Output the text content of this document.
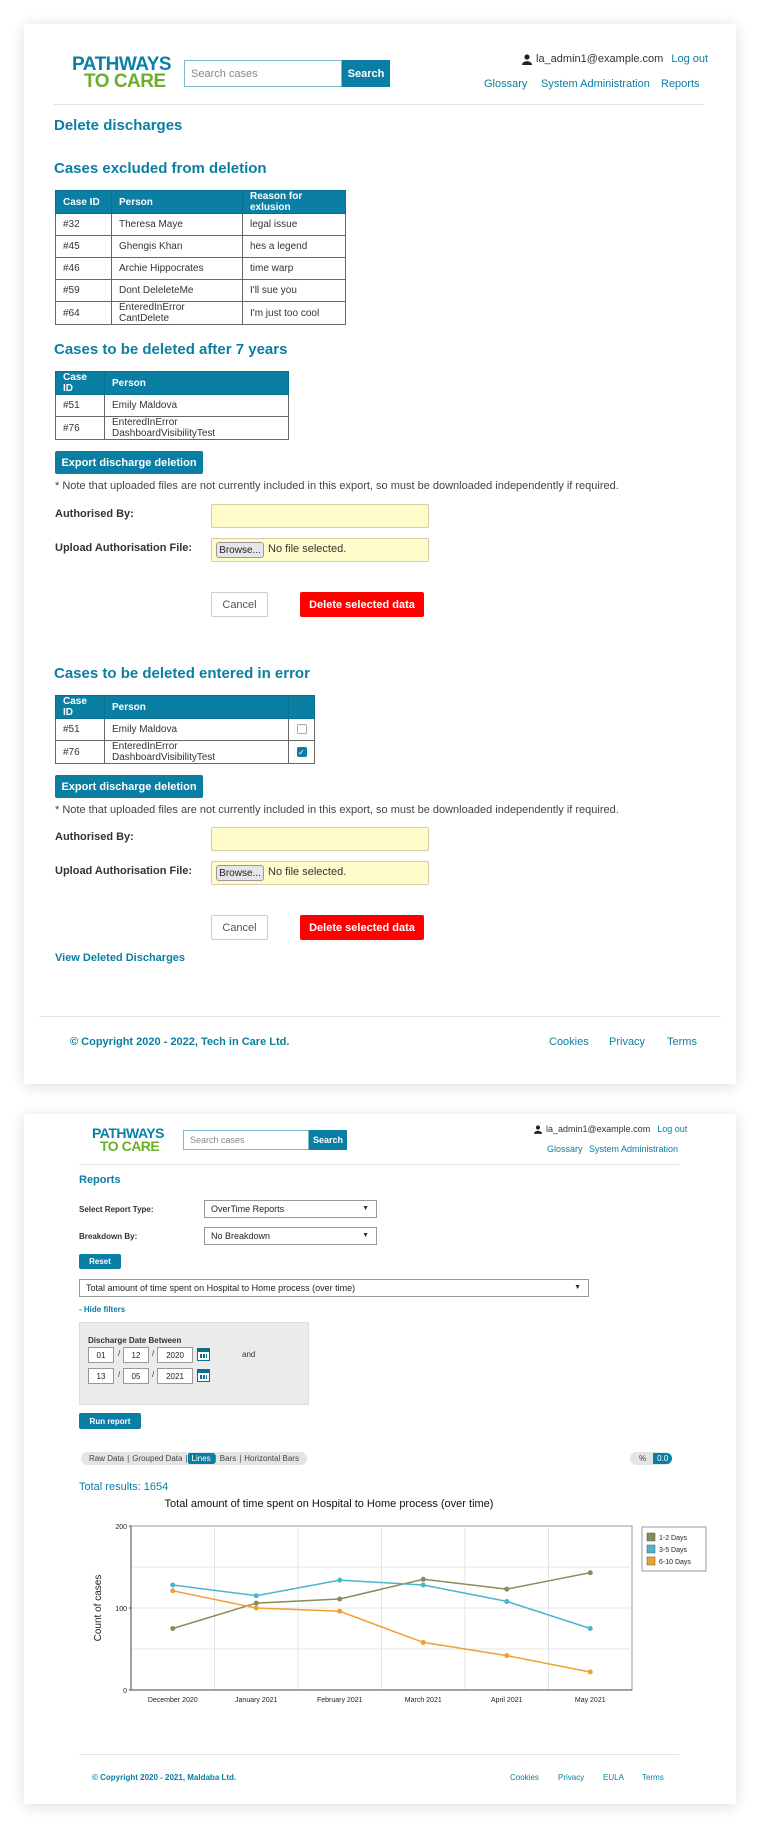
PATHWAYS
TO CARE	Search cases	Search
la_admin1@example.com Log out
Glossary System Administration Reports
Delete discharges
Cases excluded from deletion
Case ID	Person	Reason for exlusion
#32	Theresa Maye	legal issue
#45	Ghengis Khan	hes a legend
#46	Archie Hippocrates	time warp
#59	Dont DeleleteMe	I'll sue you
#64	EnteredInError CantDelete	I'm just too cool
Cases to be deleted after 7 years
Case ID	Person
#51	Emily Maldova
#76	EnteredInError DashboardVisibilityTest
Export discharge deletion
* Note that uploaded files are not currently included in this export, so must be downloaded independently if required.
Authorised By:
Upload Authorisation File:	Browse... No file selected.
Cancel	Delete selected data
Cases to be deleted entered in error
Case ID	Person	
#51	Emily Maldova	
#76	EnteredInError DashboardVisibilityTest	✓
Export discharge deletion
* Note that uploaded files are not currently included in this export, so must be downloaded independently if required.
Authorised By:
Upload Authorisation File:	Browse... No file selected.
Cancel	Delete selected data
View Deleted Discharges
© Copyright 2020 - 2022, Tech in Care Ltd.	Cookies Privacy Terms
PATHWAYS
TO CARE	Search cases	Search
la_admin1@example.com Log out
Glossary System Administration
Reports
Select Report Type:	OverTime Reports	▼
Breakdown By:	No Breakdown	▼
Reset
Total amount of time spent on Hospital to Home process (over time)	▼
- Hide filters
Discharge Date Between
01	/	12	/	2020	and
13	/	05	/	2021
Run report
Raw Data | Grouped Data | Lines | Bars | Horizontal Bars	%	0.0
Total results: 1654
Total amount of time spent on Hospital to Home process (over time)
200
100
0
December 2020	January 2021	February 2021	March 2021	April 2021	May 2021
Count of cases
1-2 Days
3-5 Days
6-10 Days
© Copyright 2020 - 2021, Maldaba Ltd.	Cookies Privacy EULA Terms
